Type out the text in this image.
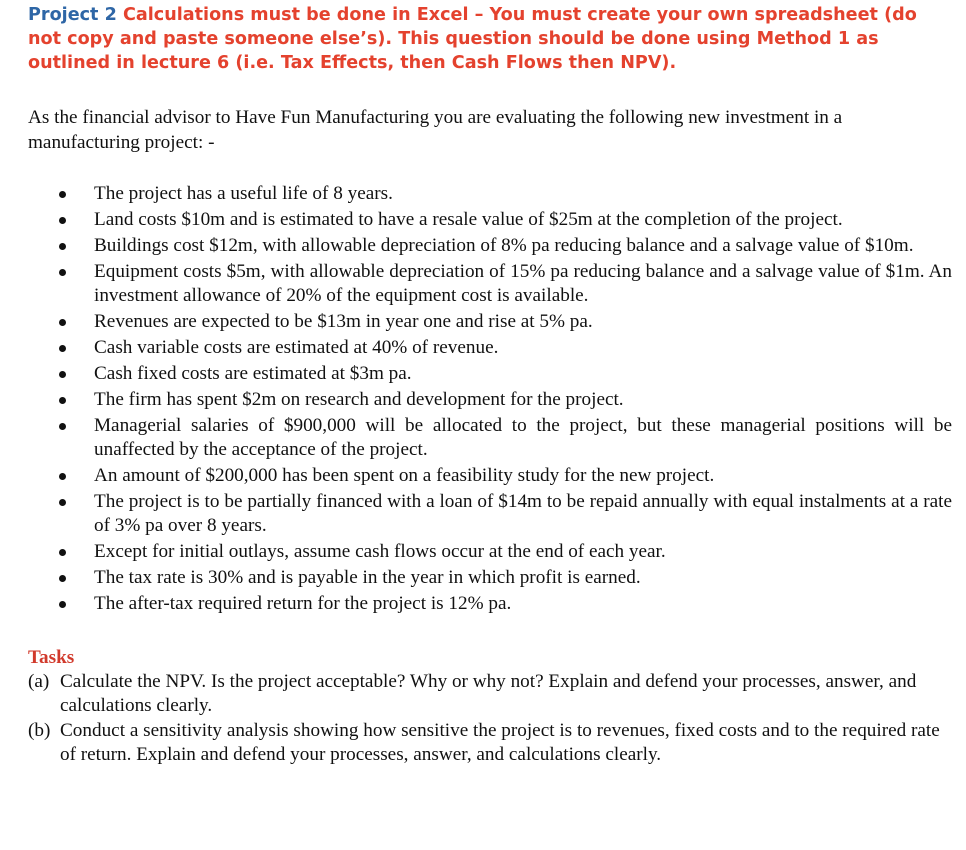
Project 2 Calculations must be done in Excel – You must create your own spreadsheet (do not copy and paste someone else’s). This question should be done using Method 1 as outlined in lecture 6 (i.e. Tax Effects, then Cash Flows then NPV).

As the financial advisor to Have Fun Manufacturing you are evaluating the following new investment in a manufacturing project: -

The project has a useful life of 8 years.
Land costs $10m and is estimated to have a resale value of $25m at the completion of the project.
Buildings cost $12m, with allowable depreciation of 8% pa reducing balance and a salvage value of $10m.
Equipment costs $5m, with allowable depreciation of 15% pa reducing balance and a salvage value of $1m. An investment allowance of 20% of the equipment cost is available.
Revenues are expected to be $13m in year one and rise at 5% pa.
Cash variable costs are estimated at 40% of revenue.
Cash fixed costs are estimated at $3m pa.
The firm has spent $2m on research and development for the project.
Managerial salaries of $900,000 will be allocated to the project, but these managerial positions will be unaffected by the acceptance of the project.
An amount of $200,000 has been spent on a feasibility study for the new project.
The project is to be partially financed with a loan of $14m to be repaid annually with equal instalments at a rate of 3% pa over 8 years.
Except for initial outlays, assume cash flows occur at the end of each year.
The tax rate is 30% and is payable in the year in which profit is earned.
The after-tax required return for the project is 12% pa.

Tasks

(a) Calculate the NPV. Is the project acceptable? Why or why not? Explain and defend your processes, answer, and calculations clearly.
(b) Conduct a sensitivity analysis showing how sensitive the project is to revenues, fixed costs and to the required rate of return. Explain and defend your processes, answer, and calculations clearly.
